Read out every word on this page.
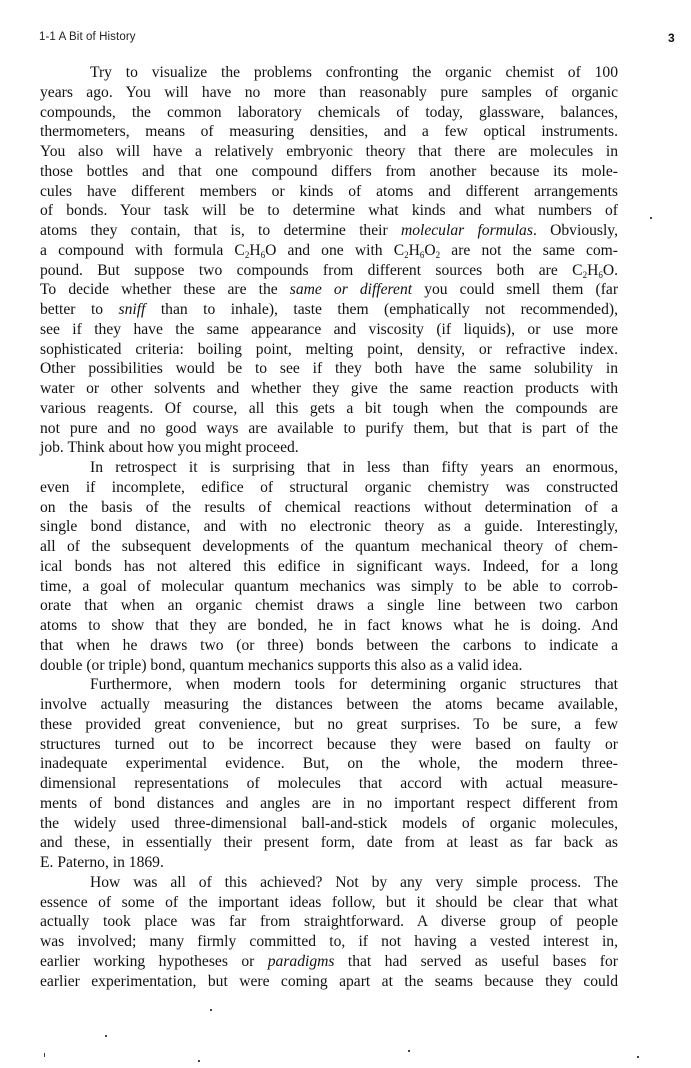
1-1 A Bit of History	3
Try to visualize the problems confronting the organic chemist of 100
years ago. You will have no more than reasonably pure samples of organic
compounds, the common laboratory chemicals of today, glassware, balances,
thermometers, means of measuring densities, and a few optical instruments.
You also will have a relatively embryonic theory that there are molecules in
those bottles and that one compound differs from another because its mole-
cules have different members or kinds of atoms and different arrangements
of bonds. Your task will be to determine what kinds and what numbers of
atoms they contain, that is, to determine their molecular formulas. Obviously,
a compound with formula $C_2H_6O$ and one with $C_2H_6O_2$ are not the same com-
pound. But suppose two compounds from different sources both are $C_2H_6O$.
To decide whether these are the same or different you could smell them (far
better to sniff than to inhale), taste them (emphatically not recommended),
see if they have the same appearance and viscosity (if liquids), or use more
sophisticated criteria: boiling point, melting point, density, or refractive index.
Other possibilities would be to see if they both have the same solubility in
water or other solvents and whether they give the same reaction products with
various reagents. Of course, all this gets a bit tough when the compounds are
not pure and no good ways are available to purify them, but that is part of the
job. Think about how you might proceed.
In retrospect it is surprising that in less than fifty years an enormous,
even if incomplete, edifice of structural organic chemistry was constructed
on the basis of the results of chemical reactions without determination of a
single bond distance, and with no electronic theory as a guide. Interestingly,
all of the subsequent developments of the quantum mechanical theory of chem-
ical bonds has not altered this edifice in significant ways. Indeed, for a long
time, a goal of molecular quantum mechanics was simply to be able to corrob-
orate that when an organic chemist draws a single line between two carbon
atoms to show that they are bonded, he in fact knows what he is doing. And
that when he draws two (or three) bonds between the carbons to indicate a
double (or triple) bond, quantum mechanics supports this also as a valid idea.
Furthermore, when modern tools for determining organic structures that
involve actually measuring the distances between the atoms became available,
these provided great convenience, but no great surprises. To be sure, a few
structures turned out to be incorrect because they were based on faulty or
inadequate experimental evidence. But, on the whole, the modern three-
dimensional representations of molecules that accord with actual measure-
ments of bond distances and angles are in no important respect different from
the widely used three-dimensional ball-and-stick models of organic molecules,
and these, in essentially their present form, date from at least as far back as
E. Paterno, in 1869.
How was all of this achieved? Not by any very simple process. The
essence of some of the important ideas follow, but it should be clear that what
actually took place was far from straightforward. A diverse group of people
was involved; many firmly committed to, if not having a vested interest in,
earlier working hypotheses or paradigms that had served as useful bases for
earlier experimentation, but were coming apart at the seams because they could
